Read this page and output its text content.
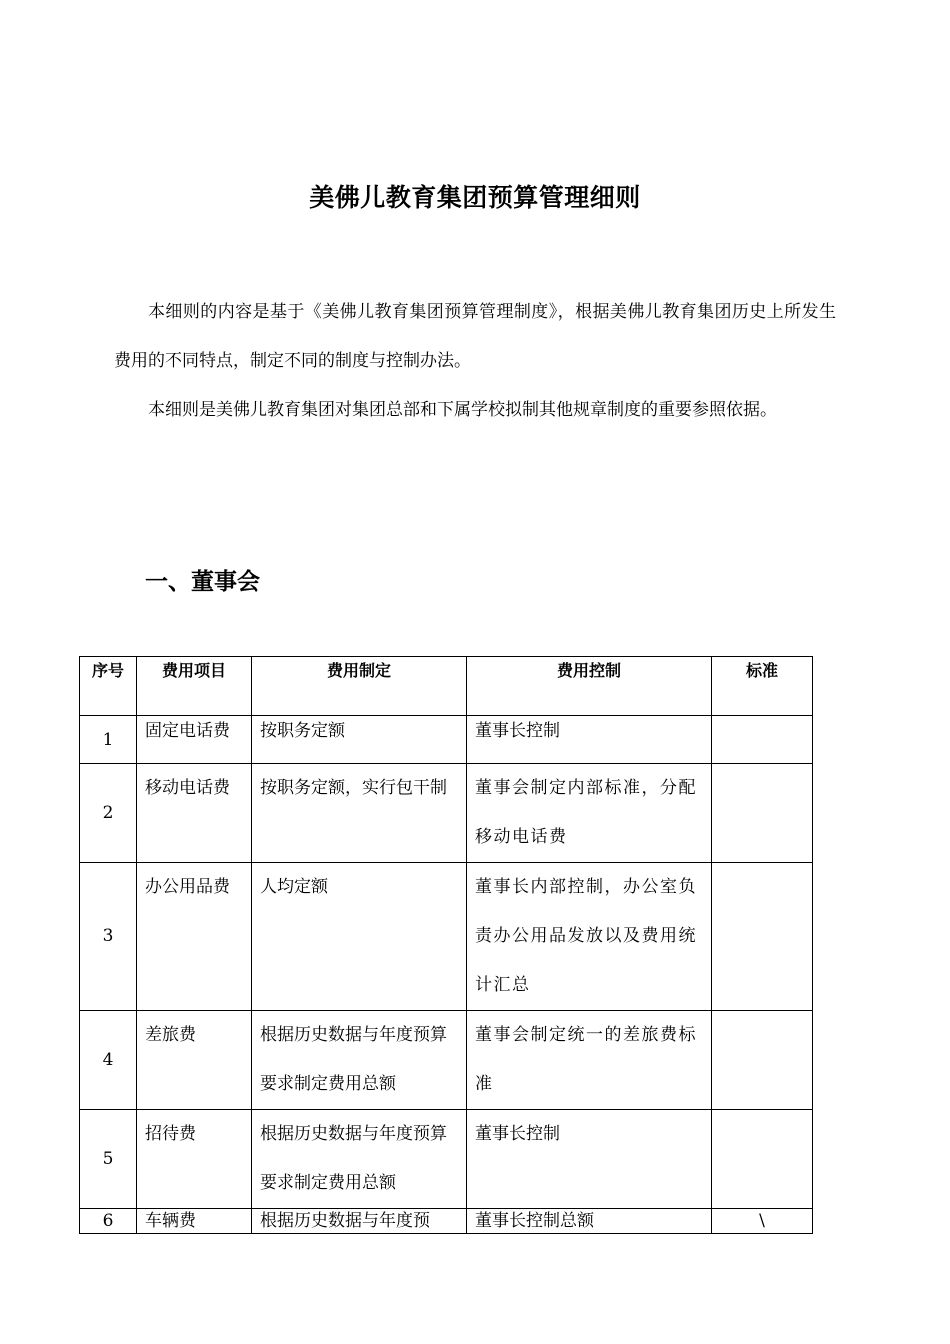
美佛儿教育集团预算管理细则

本细则的内容是基于《美佛儿教育集团预算管理制度》，根据美佛儿教育集团历史上所发生费用的不同特点，制定不同的制度与控制办法。

本细则是美佛儿教育集团对集团总部和下属学校拟制其他规章制度的重要参照依据。

一、董事会
序号	费用项目	费用制定	费用控制	标准
1	固定电话费	按职务定额	董事长控制	
2	移动电话费	按职务定额，实行包干制	董事会制定内部标准，分配移动电话费	
3	办公用品费	人均定额	董事长内部控制，办公室负责办公用品发放以及费用统计汇总	
4	差旅费	根据历史数据与年度预算要求制定费用总额	董事会制定统一的差旅费标准	
5	招待费	根据历史数据与年度预算要求制定费用总额	董事长控制	
6	车辆费	根据历史数据与年度预	董事长控制总额	\
